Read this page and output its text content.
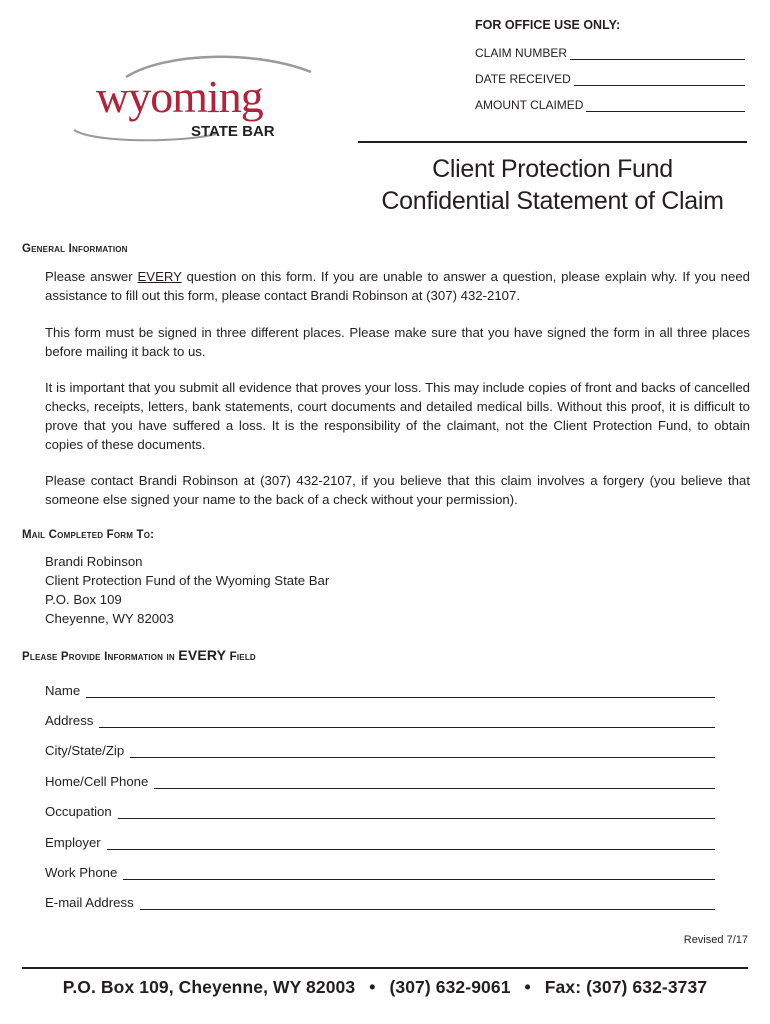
wyoming
STATE BAR
FOR OFFICE USE ONLY:
CLAIM NUMBER
DATE RECEIVED
AMOUNT CLAIMED
Client Protection Fund
Confidential Statement of Claim
General Information
Please answer EVERY question on this form. If you are unable to answer a question, please explain why. If you need assistance to fill out this form, please contact Brandi Robinson at (307) 432-2107.
This form must be signed in three different places. Please make sure that you have signed the form in all three places before mailing it back to us.
It is important that you submit all evidence that proves your loss. This may include copies of front and backs of cancelled checks, receipts, letters, bank statements, court documents and detailed medical bills. Without this proof, it is difficult to prove that you have suffered a loss. It is the responsibility of the claimant, not the Client Protection Fund, to obtain copies of these documents.
Please contact Brandi Robinson at (307) 432-2107, if you believe that this claim involves a forgery (you believe that someone else signed your name to the back of a check without your permission).
Mail Completed Form To:
Brandi Robinson
Client Protection Fund of the Wyoming State Bar
P.O. Box 109
Cheyenne, WY 82003
Please Provide Information in EVERY Field
Name
Address
City/State/Zip
Home/Cell Phone
Occupation
Employer
Work Phone
E-mail Address
Revised 7/17
P.O. Box 109, Cheyenne, WY 82003 • (307) 632-9061 • Fax: (307) 632-3737
